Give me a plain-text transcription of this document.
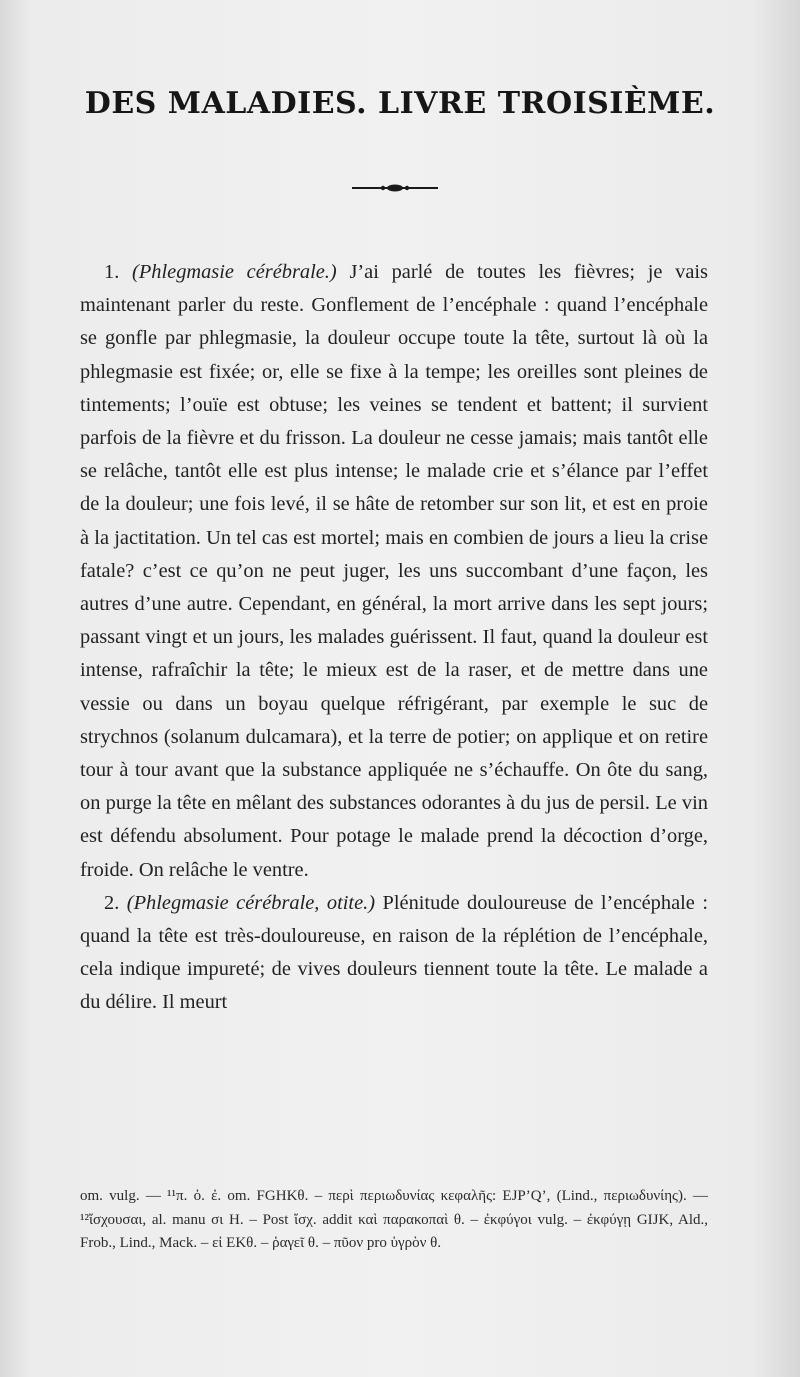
DES MALADIES. LIVRE TROISIÈME.

1. (Phlegmasie cérébrale.) J’ai parlé de toutes les fièvres; je vais maintenant parler du reste. Gonflement de l’encéphale : quand l’encéphale se gonfle par phlegmasie, la douleur occupe toute la tête, surtout là où la phlegmasie est fixée; or, elle se fixe à la tempe; les oreilles sont pleines de tintements; l’ouïe est obtuse; les veines se tendent et battent; il survient parfois de la fièvre et du frisson. La douleur ne cesse jamais; mais tantôt elle se relâche, tantôt elle est plus intense; le malade crie et s’élance par l’effet de la douleur; une fois levé, il se hâte de retomber sur son lit, et est en proie à la jactitation. Un tel cas est mortel; mais en combien de jours a lieu la crise fatale? c’est ce qu’on ne peut juger, les uns succombant d’une façon, les autres d’une autre. Cependant, en général, la mort arrive dans les sept jours; passant vingt et un jours, les malades guérissent. Il faut, quand la douleur est intense, rafraîchir la tête; le mieux est de la raser, et de mettre dans une vessie ou dans un boyau quelque réfrigérant, par exemple le suc de strychnos (solanum dulcamara), et la terre de potier; on applique et on retire tour à tour avant que la substance appliquée ne s’échauffe. On ôte du sang, on purge la tête en mêlant des substances odorantes à du jus de persil. Le vin est défendu absolument. Pour potage le malade prend la décoction d’orge, froide. On relâche le ventre.

2. (Phlegmasie cérébrale, otite.) Plénitude douloureuse de l’encéphale : quand la tête est très-douloureuse, en raison de la réplétion de l’encéphale, cela indique impureté; de vives douleurs tiennent toute la tête. Le malade a du délire. Il meurt

om. vulg. — ¹¹π. ὀ. ἐ. om. FGHKθ. – περὶ περιωδυνίας κεφαλῆς: EJP’Q’, (Lind., περιωδυνίης). — ¹²ἴσχουσαι, al. manu σι H. – Post ἴσχ. addit καὶ παρακοπαὶ θ. – ἐκφύγοι vulg. – ἐκφύγῃ GIJK, Ald., Frob., Lind., Mack. – εἰ EKθ. – ῥαγεῖ θ. – πῦον pro ὑγρὸν θ.
